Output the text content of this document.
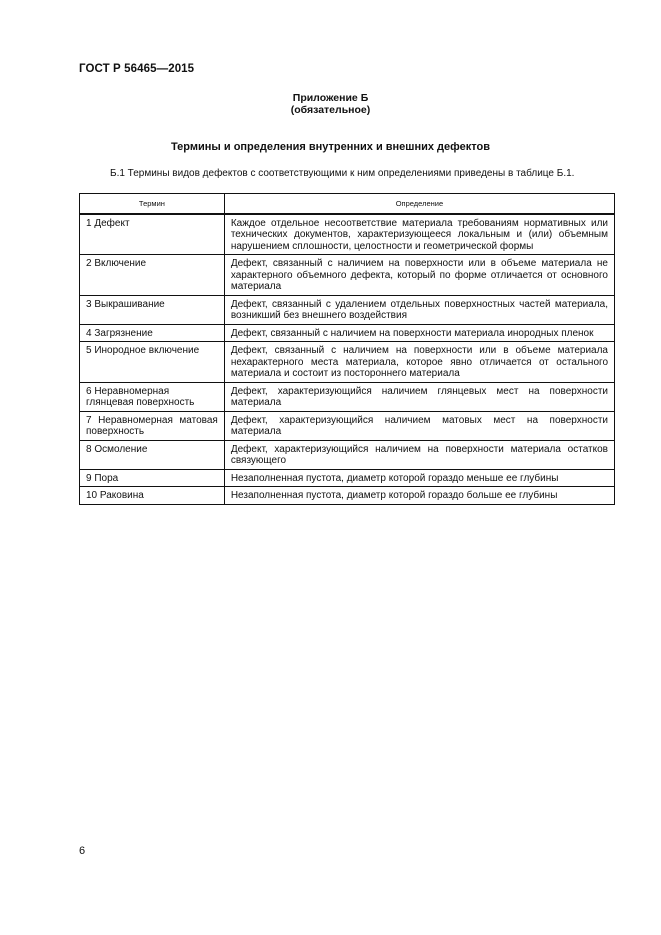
ГОСТ Р 56465—2015
Приложение Б
(обязательное)
Термины и определения внутренних и внешних дефектов
Б.1 Термины видов дефектов с соответствующими к ним определениями приведены в таблице Б.1.
Термин	Определение
1 Дефект	Каждое отдельное несоответствие материала требованиям нормативных или технических документов, характеризующееся локальным и (или) объемным нарушением сплошности, целостности и геометрической формы
2 Включение	Дефект, связанный с наличием на поверхности или в объеме материала не характерного объемного дефекта, который по форме отличается от основного материала
3 Выкрашивание	Дефект, связанный с удалением отдельных поверхностных частей материала, возникший без внешнего воздействия
4 Загрязнение	Дефект, связанный с наличием на поверхности материала инородных пленок
5 Инородное включение	Дефект, связанный с наличием на поверхности или в объеме материала нехарактерного места материала, которое явно отличается от остального материала и состоит из постороннего материала
6 Неравномерная глянцевая поверхность	Дефект, характеризующийся наличием глянцевых мест на поверхности материала
7 Неравномерная матовая поверхность	Дефект, характеризующийся наличием матовых мест на поверхности материала
8 Осмоление	Дефект, характеризующийся наличием на поверхности материала остатков связующего
9 Пора	Незаполненная пустота, диаметр которой гораздо меньше ее глубины
10 Раковина	Незаполненная пустота, диаметр которой гораздо больше ее глубины
6
